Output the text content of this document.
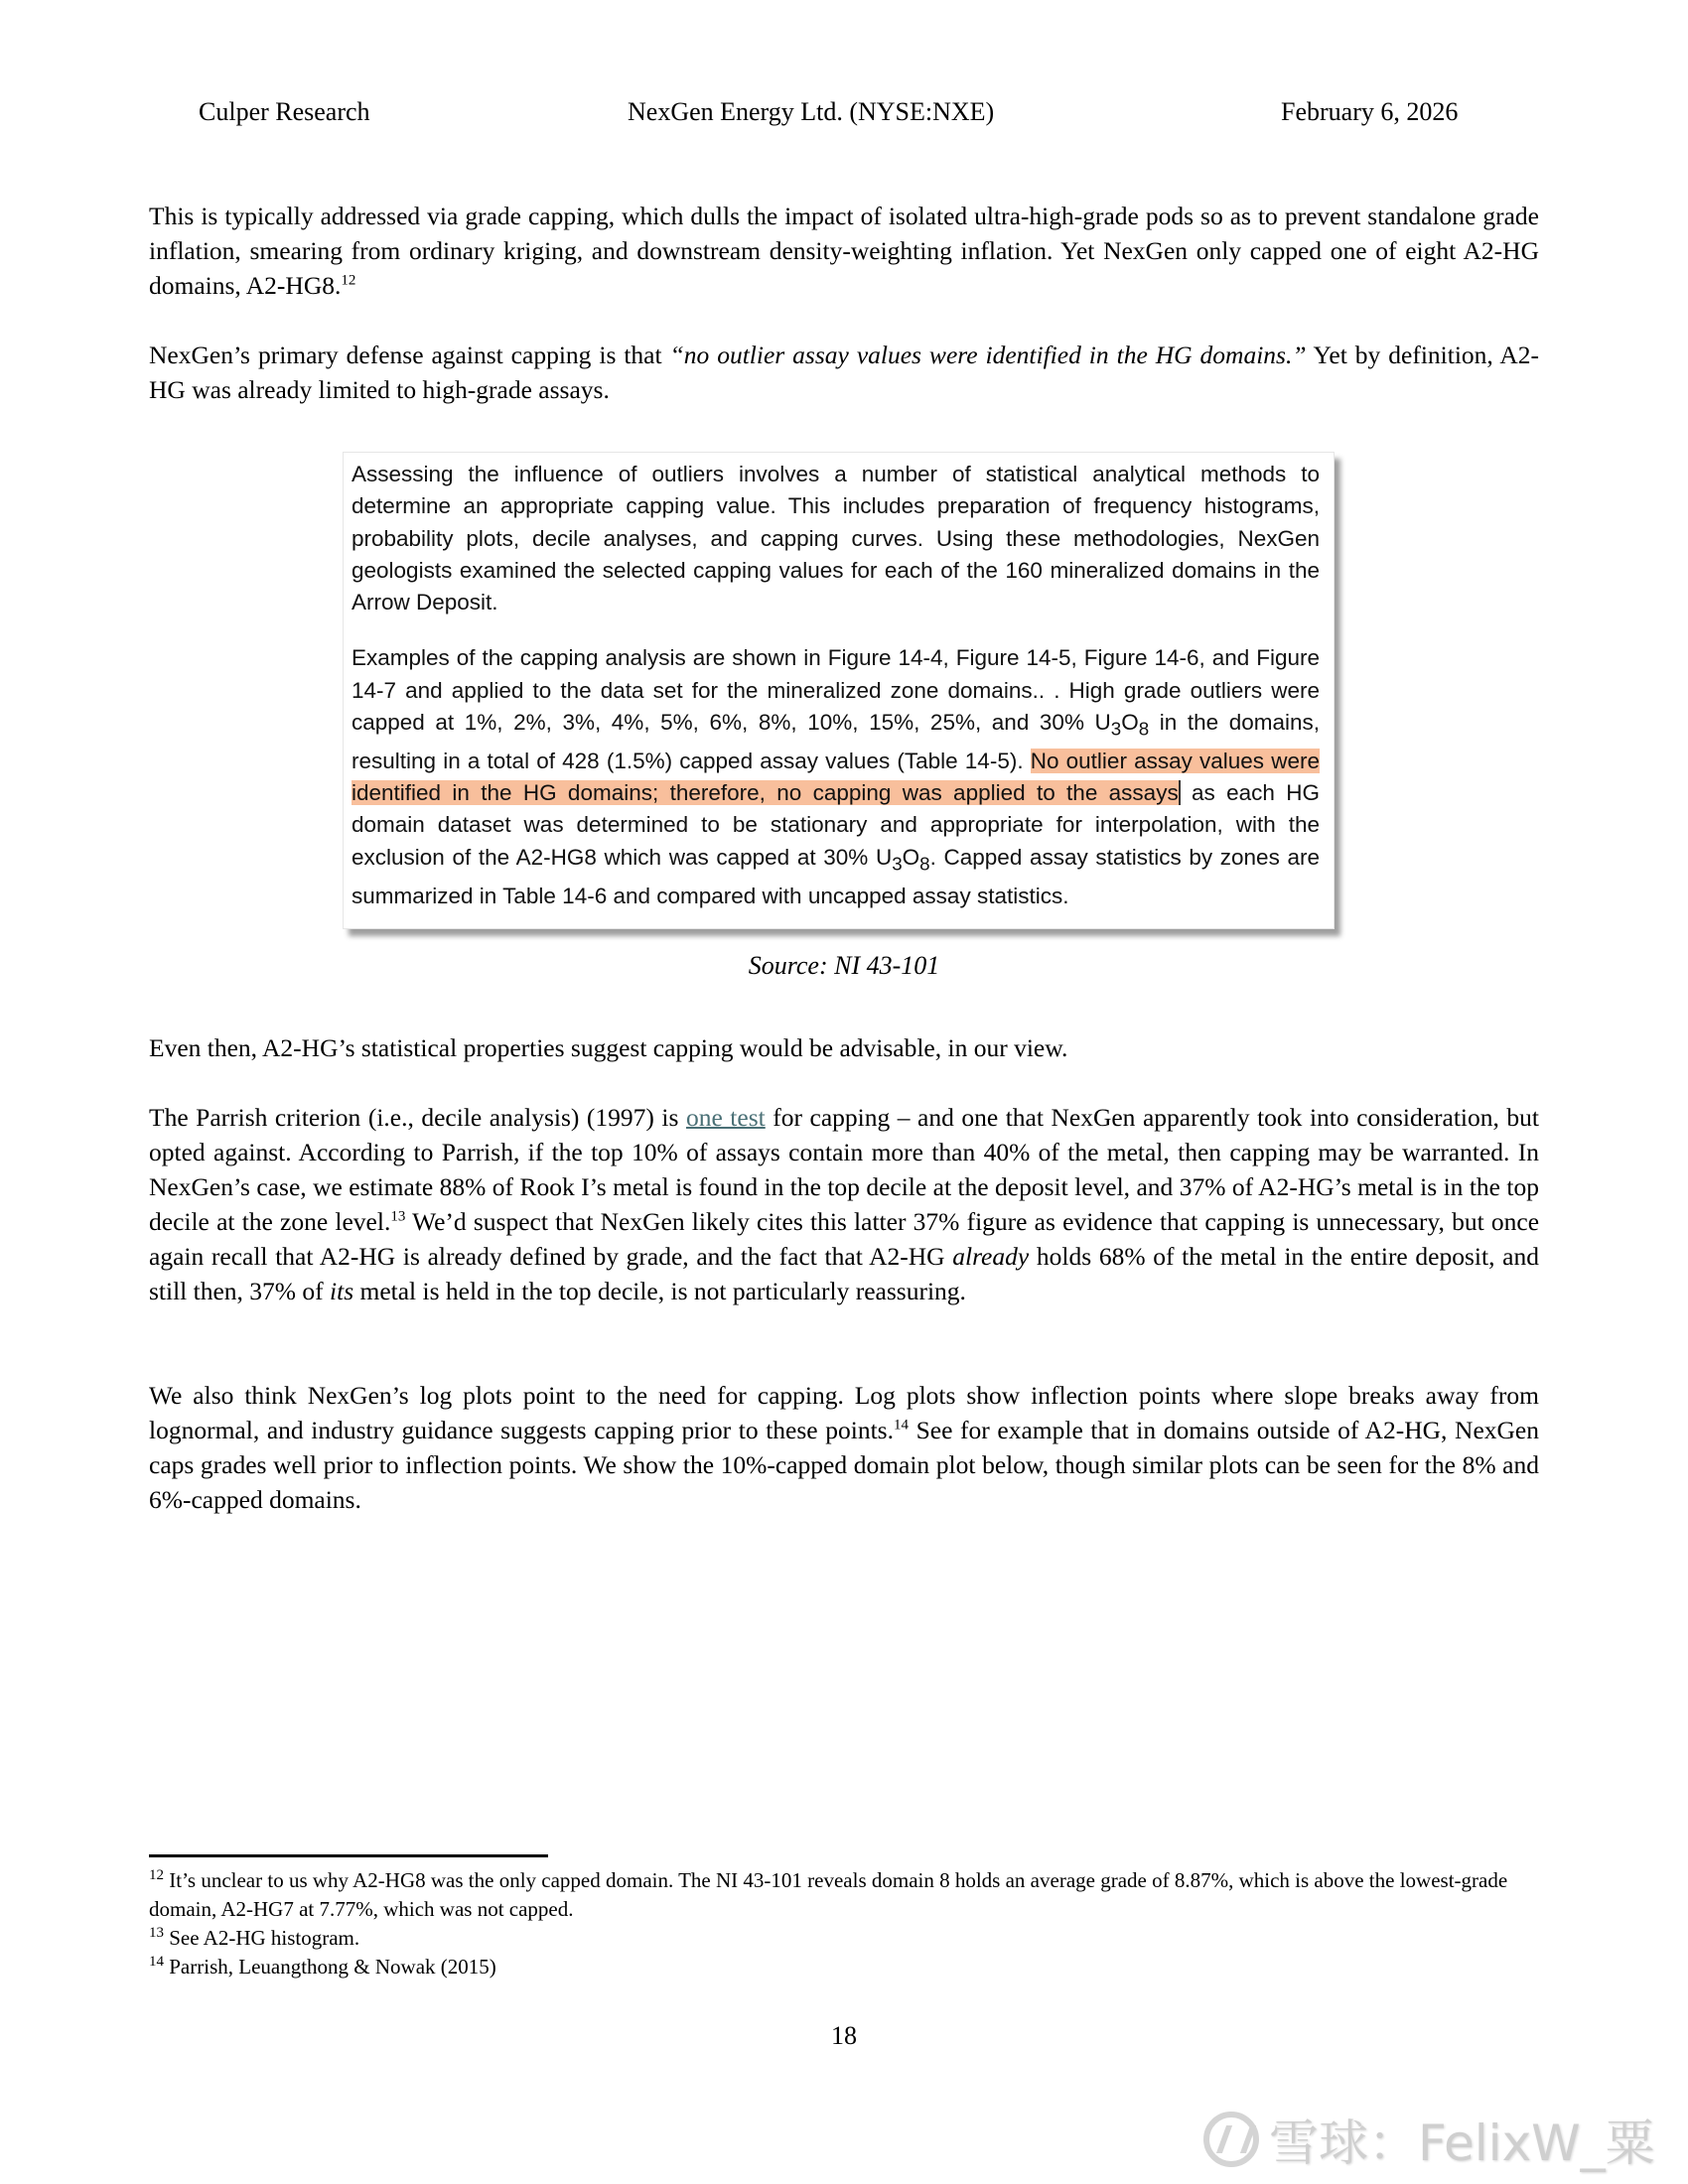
Culper Research	NexGen Energy Ltd. (NYSE:NXE)	February 6, 2026

This is typically addressed via grade capping, which dulls the impact of isolated ultra-high-grade pods so as to prevent standalone grade inflation, smearing from ordinary kriging, and downstream density-weighting inflation. Yet NexGen only capped one of eight A2-HG domains, A2-HG8.12

NexGen’s primary defense against capping is that “no outlier assay values were identified in the HG domains.” Yet by definition, A2-HG was already limited to high-grade assays.

Assessing the influence of outliers involves a number of statistical analytical methods to determine an appropriate capping value. This includes preparation of frequency histograms, probability plots, decile analyses, and capping curves. Using these methodologies, NexGen geologists examined the selected capping values for each of the 160 mineralized domains in the Arrow Deposit.

Examples of the capping analysis are shown in Figure 14-4, Figure 14-5, Figure 14-6, and Figure 14-7 and applied to the data set for the mineralized zone domains.. . High grade outliers were capped at 1%, 2%, 3%, 4%, 5%, 6%, 8%, 10%, 15%, 25%, and 30% $U_3O_8$ in the domains, resulting in a total of 428 (1.5%) capped assay values (Table 14-5). No outlier assay values were identified in the HG domains; therefore, no capping was applied to the assays as each HG domain dataset was determined to be stationary and appropriate for interpolation, with the exclusion of the A2-HG8 which was capped at 30% $U_3O_8$. Capped assay statistics by zones are summarized in Table 14-6 and compared with uncapped assay statistics.

Source: NI 43-101

Even then, A2-HG’s statistical properties suggest capping would be advisable, in our view.

The Parrish criterion (i.e., decile analysis) (1997) is one test for capping – and one that NexGen apparently took into consideration, but opted against. According to Parrish, if the top 10% of assays contain more than 40% of the metal, then capping may be warranted. In NexGen’s case, we estimate 88% of Rook I’s metal is found in the top decile at the deposit level, and 37% of A2-HG’s metal is in the top decile at the zone level.$^{13}$ We’d suspect that NexGen likely cites this latter 37% figure as evidence that capping is unnecessary, but once again recall that A2-HG is already defined by grade, and the fact that A2-HG already holds 68% of the metal in the entire deposit, and still then, 37% of its metal is held in the top decile, is not particularly reassuring.

We also think NexGen’s log plots point to the need for capping. Log plots show inflection points where slope breaks away from lognormal, and industry guidance suggests capping prior to these points.$^{14}$ See for example that in domains outside of A2-HG, NexGen caps grades well prior to inflection points. We show the 10%-capped domain plot below, though similar plots can be seen for the 8% and 6%-capped domains.

$^{12}$ It’s unclear to us why A2-HG8 was the only capped domain. The NI 43-101 reveals domain 8 holds an average grade of 8.87%, which is above the lowest-grade domain, A2-HG7 at 7.77%, which was not capped.

$^{13}$ See A2-HG histogram.

$^{14}$ Parrish, Leuangthong & Nowak (2015)

18
雪球：FelixW_粟
